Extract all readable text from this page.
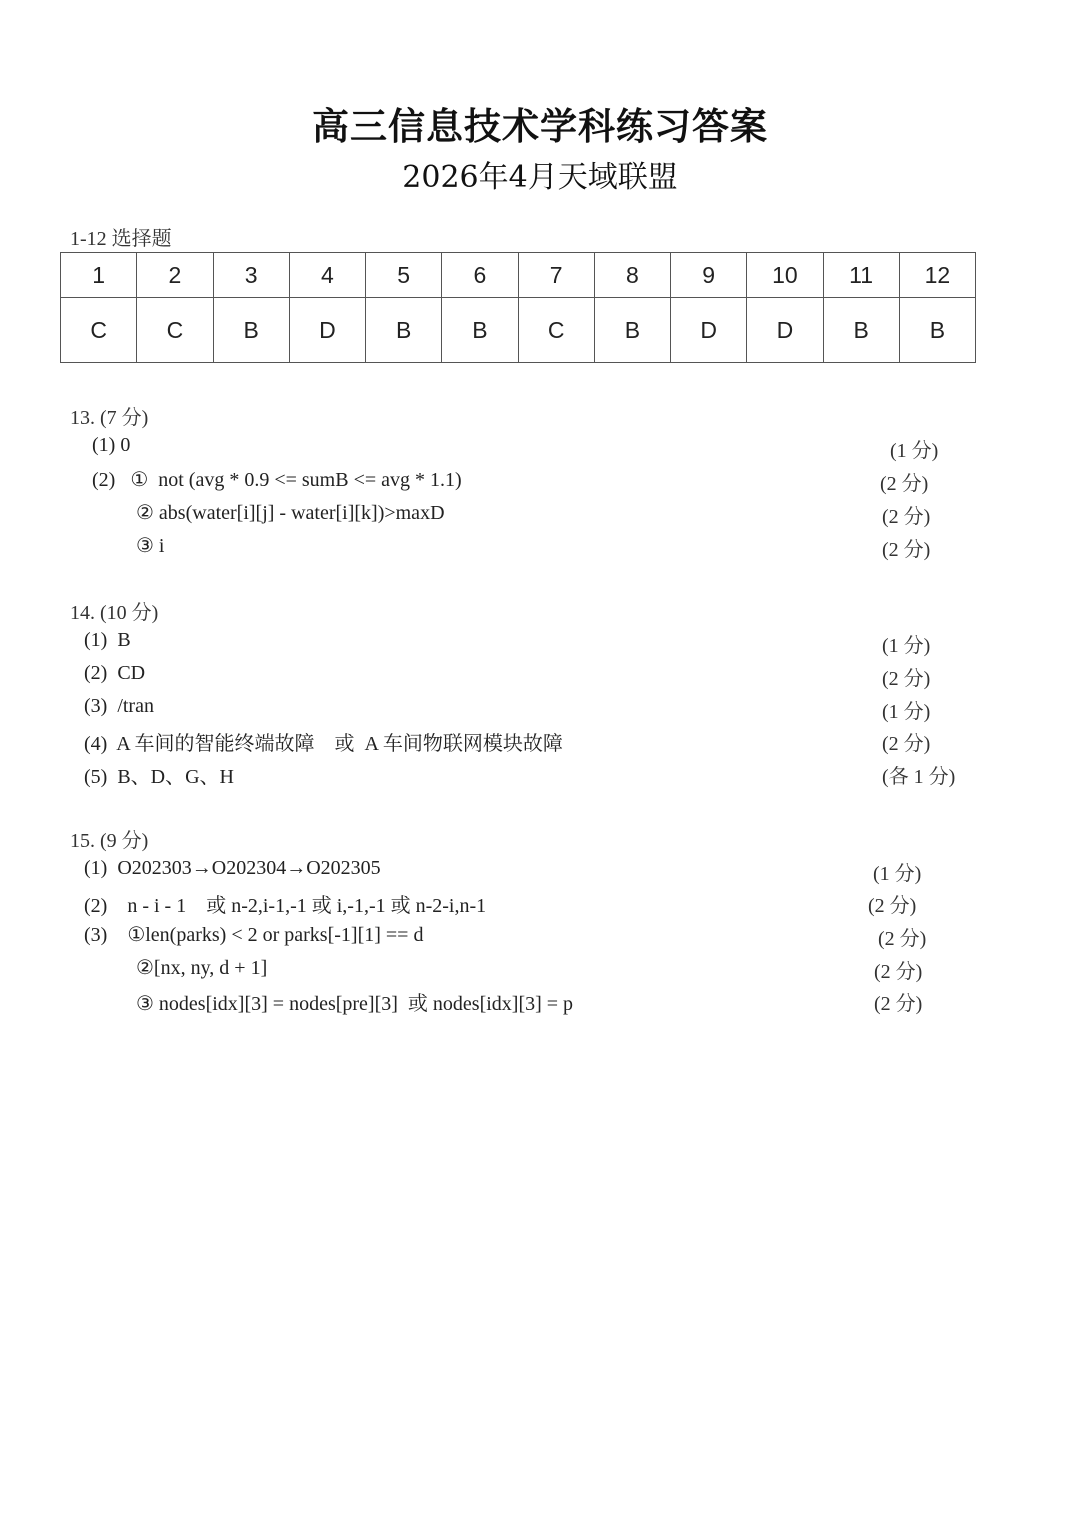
高三信息技术学科练习答案
2026年4月天域联盟
1-12 选择题
1	2	3	4	5	6	7	8	9	10	11	12
C	C	B	D	B	B	C	B	D	D	B	B
13. (7 分)
(1) 0	(1 分)
(2)   ①  not (avg * 0.9 <= sumB <= avg * 1.1)	(2 分)
② abs(water[i][j] - water[i][k])>maxD	(2 分)
③ i	(2 分)
14. (10 分)
(1)  B	(1 分)
(2)  CD	(2 分)
(3)  /tran	(1 分)
(4)  A 车间的智能终端故障    或  A 车间物联网模块故障	(2 分)
(5)  B、D、G、H	(各 1 分)
15. (9 分)
(1)  O202303→O202304→O202305	(1 分)
(2)    n - i - 1    或 n-2,i-1,-1 或 i,-1,-1 或 n-2-i,n-1	(2 分)
(3)    ①len(parks) < 2 or parks[-1][1] == d	(2 分)
②[nx, ny, d + 1]	(2 分)
③ nodes[idx][3] = nodes[pre][3]  或 nodes[idx][3] = p	(2 分)
